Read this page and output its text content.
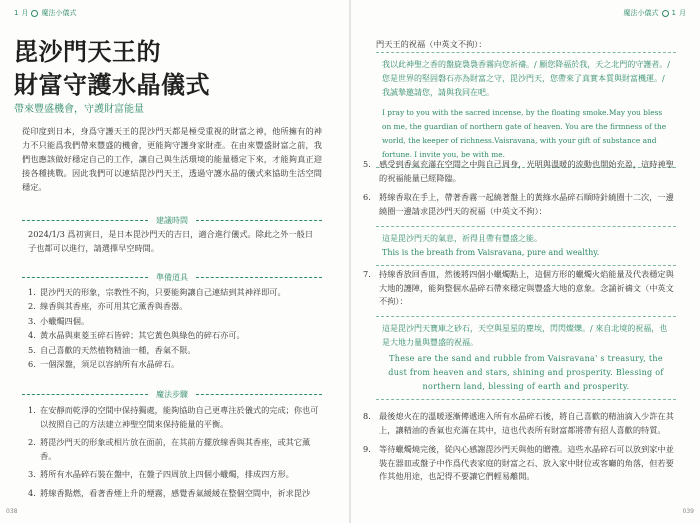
1 月 魔法小儀式
毘沙門天王的
財富守護水晶儀式
帶來豐盛機會，守護財富能量
從印度到日本，身爲守護天王的毘沙門天都是極受重視的財富之神，他所擁有的神力不只能爲我們帶來豐盛的機會，更能夠守護身家財產。在由來豐盛財富之前，我們也應該做好穩定自己的工作，讓自己與生活環境的能量穩定下來，才能夠真正迎接各種挑戰。因此我們可以連結毘沙門天王，透過守護水晶的儀式來協助生活空間穩定。
建議時間
2024/1/3 爲初寅日，是日本毘沙門天的吉日，適合進行儀式。除此之外一般日子也都可以進行，請選擇早空時間。
準備道具
1. 毘沙門天的形象，宗教性不拘，只要能夠讓自己連結到其神祥即可。
2. 線香與其香座，亦可用其它薰香與香器。
3. 小蠟燭四個。
4. 黃水晶與東菱玉碎石皆碎；其它黃色與綠色的碎石亦可。
5. 自己喜歡的天然植物精油一種，香氣不限。
6. 一個深盤，須足以容納所有水晶碎石。
魔法步驟
1. 在安靜而乾淨的空間中保持獨處，能夠協助自己更專注於儀式的完成；你也可以按照自己的方法建立神聖空間來保持能量的平衡。
2. 將毘沙門天的形象或相片放在面前，在其前方擺放線香與其香座，或其它薰香。
3. 將所有水晶碎石裝在盤中，在盤子四周放上四個小蠟燭，排成四方形。
4. 將線香點燃，看著香煙上升的煙霧，感覺香氣緩緩在整個空間中，祈求毘沙
038
魔法小儀式 1 月
039
門天王的祝福（中英文不拘）：
我以此神聖之香的盤旋裊裊香霧向您祈禱。/ 願您降福於我，天之北門的守護者。/ 您是世界的堅固磐石亦為財富之守，毘沙門天，您帶來了真實本質與財富機運。/ 我誠摯邀請您，請與我同在吧。
I pray to you with the sacred incense, by the floating smoke.May you bless on me, the guardian of northern gate of heaven. You are the firmness of the world, the keeper of richness.Vaisravana, with your gift of substance and fortune. I invite you, be with me.
5. 感受到香氣充滿在空間之中與自己周身，光明與溫暖的流動也開始充盈，這時神聖的祝福能量已經降臨。
6. 將線香取在手上，帶著香霧一起繞著盤上的黃綠水晶碎石順時針繞圈十二次，一邊繞圈一邊請求毘沙門天的祝福（中英文不拘）：
這是毘沙門天的氣息，祈得且帶有豐盛之能。
This is the breath from Vaisravana, pure and wealthy.
7. 持線香放回香皿，然後將四個小蠟燭點上，這個方形的蠟燭火焰能量及代表穩定與大地的護陣，能夠整個水晶碎石帶來穩定與豐盛大地的意象。念誦祈禱文（中英文不拘）：
這是毘沙門天寶庫之砂石，天空與星星的塵埃，閃閃燦爍。/ 來自北境的祝福，也是大地力量與豐盛的祝福。
These are the sand and rubble from Vaisravana' s treasury, the dust from heaven and stars, shining and prosperity. Blessing of northern land, blessing of earth and prosperity.
8. 最後熄火在的溫暖逐漸傳遞進入所有水晶碎石後，將自己喜歡的精油滴入少許在其上，讓精油的香氣也充滿在其中，這也代表所有財富都將帶有招人喜歡的特質。
9. 等待蠟燭燒完後，從內心感謝毘沙門天與他的贈禮。這些水晶碎石可以放到家中並裝在器皿或盤子中作爲代表家庭的財富之石、放入家中財位或客廳的角落，但若要作其他用途，也記得不要讓它們輕易離開。
